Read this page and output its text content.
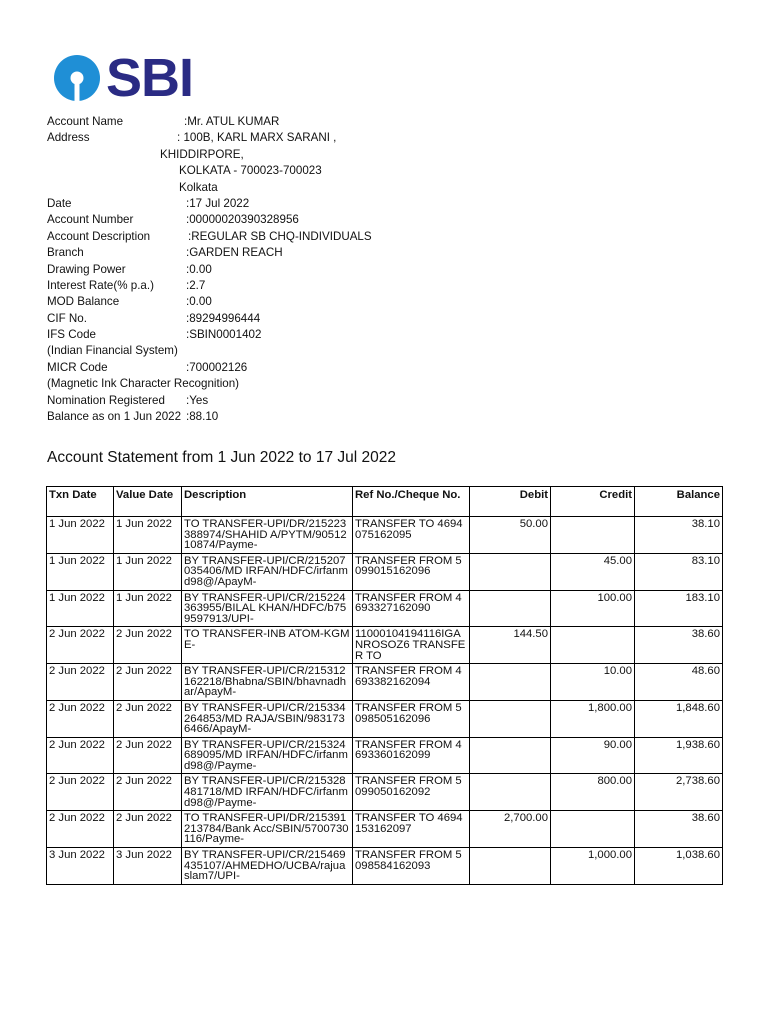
SBI
Account Name	:Mr. ATUL KUMAR
Address	: 100B, KARL MARX SARANI ,
KHIDDIRPORE,
KOLKATA - 700023-700023
Kolkata
Date	:17 Jul 2022
Account Number	:00000020390328956
Account Description	:REGULAR SB CHQ-INDIVIDUALS
Branch	:GARDEN REACH
Drawing Power	:0.00
Interest Rate(% p.a.)	:2.7
MOD Balance	:0.00
CIF No.	:89294996444
IFS Code	:SBIN0001402
(Indian Financial System)
MICR Code	:700002126
(Magnetic Ink Character Recognition)
Nomination Registered :Yes
Balance as on 1 Jun 2022 :88.10
Account Statement from 1 Jun 2022 to 17 Jul 2022
Txn Date	Value Date	Description	Ref No./Cheque No.	Debit	Credit	Balance
1 Jun 2022	1 Jun 2022	TO TRANSFER-UPI/DR/215223388974/SHAHID A/PYTM/9051210874/Payme-	TRANSFER TO 4694075162095	50.00		38.10
1 Jun 2022	1 Jun 2022	BY TRANSFER-UPI/CR/215207035406/MD IRFAN/HDFC/irfanmd98@/ApayM-	TRANSFER FROM 5099015162096		45.00	83.10
1 Jun 2022	1 Jun 2022	BY TRANSFER-UPI/CR/215224363955/BILAL KHAN/HDFC/b759597913/UPI-	TRANSFER FROM 4693327162090		100.00	183.10
2 Jun 2022	2 Jun 2022	TO TRANSFER-INB ATOM-KGME-	11000104194116IGANROSOZ6 TRANSFER TO	144.50		38.60
2 Jun 2022	2 Jun 2022	BY TRANSFER-UPI/CR/215312162218/Bhabna/SBIN/bhavnadhar/ApayM-	TRANSFER FROM 4693382162094		10.00	48.60
2 Jun 2022	2 Jun 2022	BY TRANSFER-UPI/CR/215334264853/MD RAJA/SBIN/9831736466/ApayM-	TRANSFER FROM 5098505162096		1,800.00	1,848.60
2 Jun 2022	2 Jun 2022	BY TRANSFER-UPI/CR/215324689095/MD IRFAN/HDFC/irfanmd98@/Payme-	TRANSFER FROM 4693360162099		90.00	1,938.60
2 Jun 2022	2 Jun 2022	BY TRANSFER-UPI/CR/215328481718/MD IRFAN/HDFC/irfanmd98@/Payme-	TRANSFER FROM 5099050162092		800.00	2,738.60
2 Jun 2022	2 Jun 2022	TO TRANSFER-UPI/DR/215391213784/Bank Acc/SBIN/5700730116/Payme-	TRANSFER TO 4694153162097	2,700.00		38.60
3 Jun 2022	3 Jun 2022	BY TRANSFER-UPI/CR/215469435107/AHMEDHO/UCBA/rajuaslam7/UPI-	TRANSFER FROM 5098584162093		1,000.00	1,038.60
